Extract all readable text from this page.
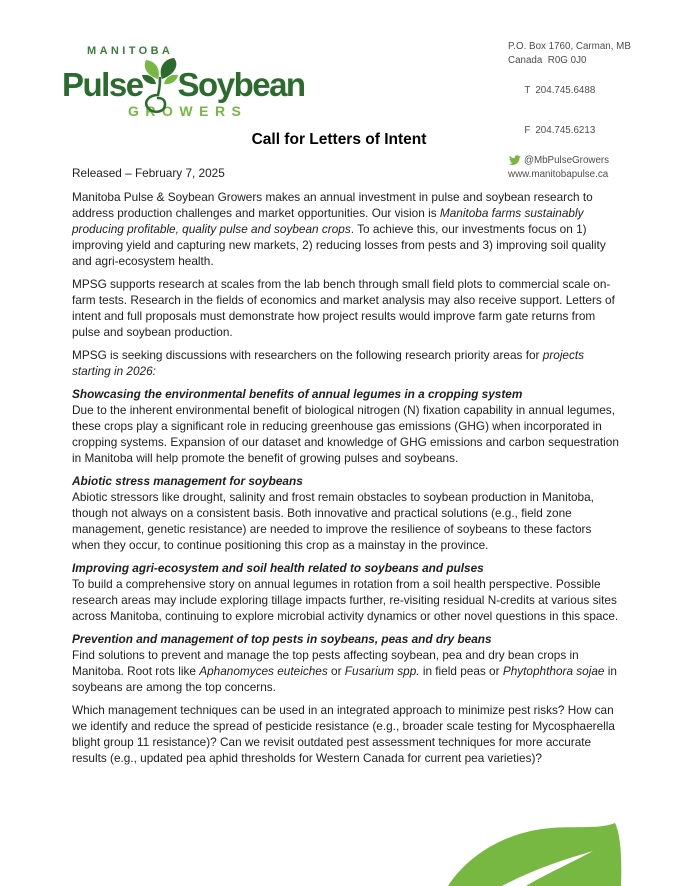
MANITOBA
Pulse Soybean
GROWERS
P.O. Box 1760, Carman, MB
Canada  R0G 0J0

T 204.745.6488

F 204.745.6213

@MbPulseGrowers
www.manitobapulse.ca
Call for Letters of Intent
Released – February 7, 2025

Manitoba Pulse & Soybean Growers makes an annual investment in pulse and soybean research to address production challenges and market opportunities. Our vision is Manitoba farms sustainably producing profitable, quality pulse and soybean crops. To achieve this, our investments focus on 1) improving yield and capturing new markets, 2) reducing losses from pests and 3) improving soil quality and agri-ecosystem health.

MPSG supports research at scales from the lab bench through small field plots to commercial scale on-farm tests. Research in the fields of economics and market analysis may also receive support. Letters of intent and full proposals must demonstrate how project results would improve farm gate returns from pulse and soybean production.

MPSG is seeking discussions with researchers on the following research priority areas for projects starting in 2026:

Showcasing the environmental benefits of annual legumes in a cropping system

Due to the inherent environmental benefit of biological nitrogen (N) fixation capability in annual legumes, these crops play a significant role in reducing greenhouse gas emissions (GHG) when incorporated in cropping systems. Expansion of our dataset and knowledge of GHG emissions and carbon sequestration in Manitoba will help promote the benefit of growing pulses and soybeans.

Abiotic stress management for soybeans

Abiotic stressors like drought, salinity and frost remain obstacles to soybean production in Manitoba, though not always on a consistent basis. Both innovative and practical solutions (e.g., field zone management, genetic resistance) are needed to improve the resilience of soybeans to these factors when they occur, to continue positioning this crop as a mainstay in the province.

Improving agri-ecosystem and soil health related to soybeans and pulses

To build a comprehensive story on annual legumes in rotation from a soil health perspective. Possible research areas may include exploring tillage impacts further, re-visiting residual N-credits at various sites across Manitoba, continuing to explore microbial activity dynamics or other novel questions in this space.

Prevention and management of top pests in soybeans, peas and dry beans

Find solutions to prevent and manage the top pests affecting soybean, pea and dry bean crops in Manitoba. Root rots like Aphanomyces euteiches or Fusarium spp. in field peas or Phytophthora sojae in soybeans are among the top concerns.

Which management techniques can be used in an integrated approach to minimize pest risks? How can we identify and reduce the spread of pesticide resistance (e.g., broader scale testing for Mycosphaerella blight group 11 resistance)? Can we revisit outdated pest assessment techniques for more accurate results (e.g., updated pea aphid thresholds for Western Canada for current pea varieties)?
